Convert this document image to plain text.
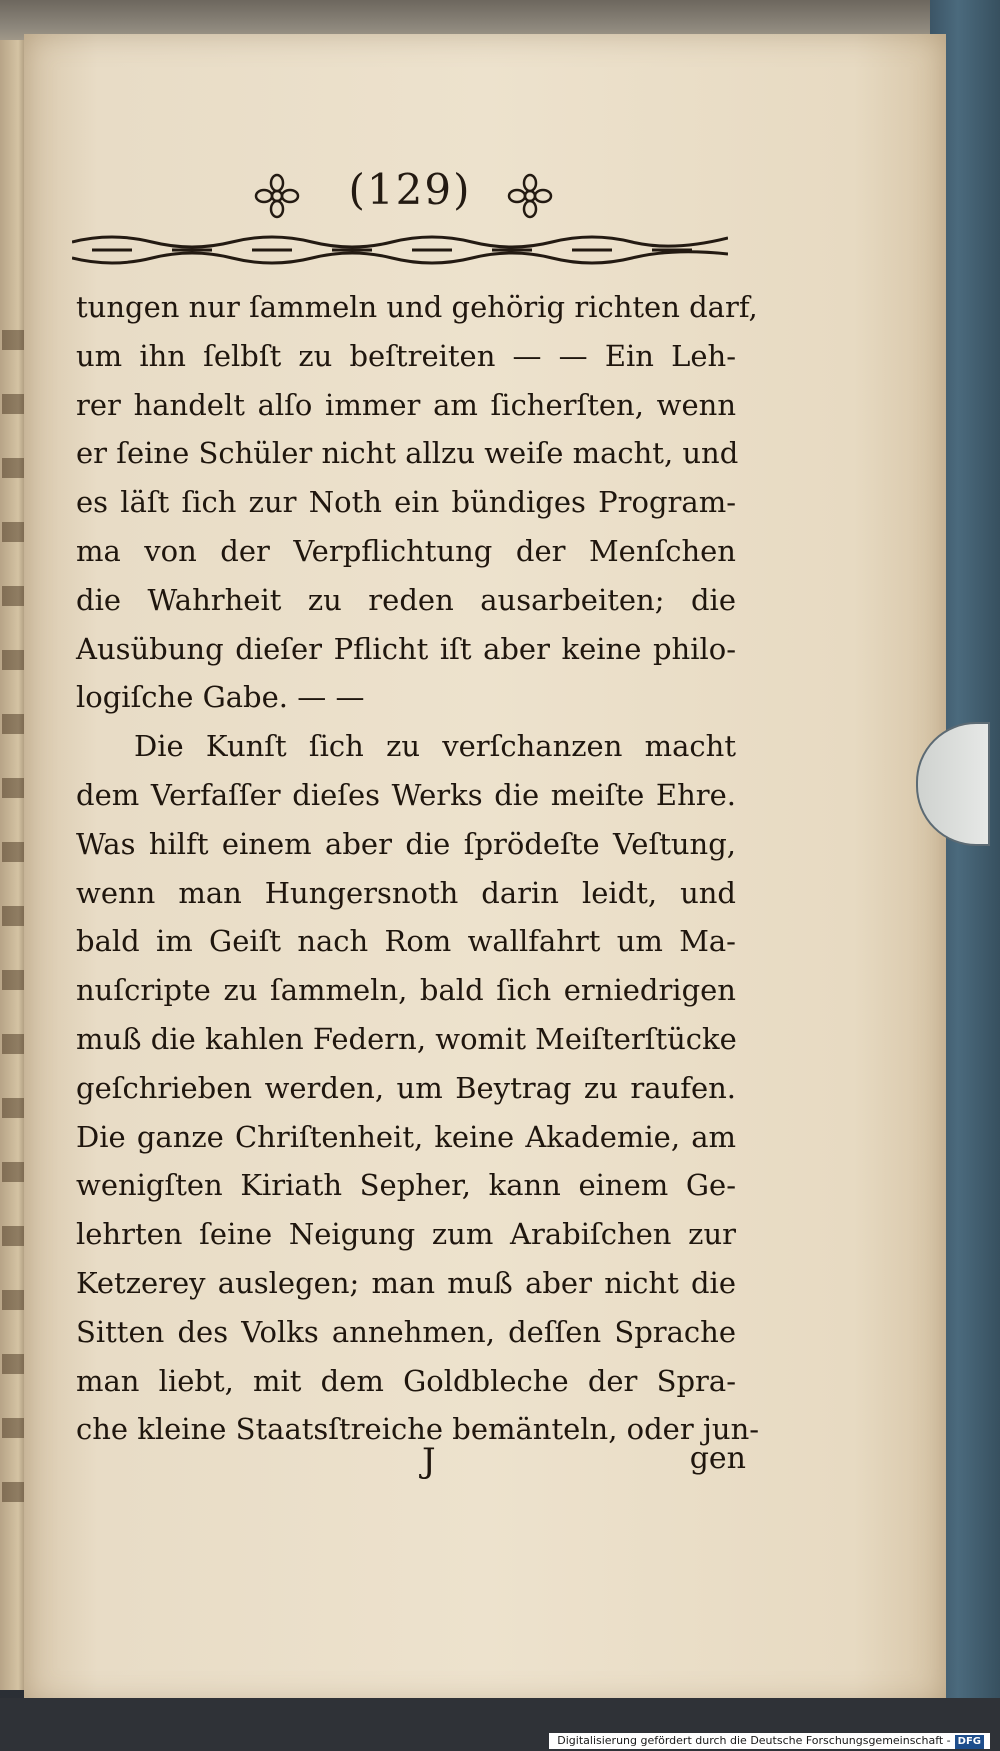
(129)
tungen nur ſammeln und gehörig richten darf,
um ihn ſelbſt zu beſtreiten — — Ein Leh-
rer handelt alſo immer am ſicherſten, wenn
er ſeine Schüler nicht allzu weiſe macht, und
es läſt ſich zur Noth ein bündiges Program-
ma von der Verpflichtung der Menſchen
die Wahrheit zu reden ausarbeiten; die
Ausübung dieſer Pflicht iſt aber keine philo-
logiſche Gabe. — —
Die Kunſt ſich zu verſchanzen macht
dem Verfaſſer dieſes Werks die meiſte Ehre.
Was hilft einem aber die ſprödeſte Veſtung,
wenn man Hungersnoth darin leidt, und
bald im Geiſt nach Rom wallfahrt um Ma-
nuſcripte zu ſammeln, bald ſich erniedrigen
muß die kahlen Federn, womit Meiſterſtücke
geſchrieben werden, um Beytrag zu raufen.
Die ganze Chriſtenheit, keine Akademie, am
wenigſten Kiriath Sepher, kann einem Ge-
lehrten ſeine Neigung zum Arabiſchen zur
Ketzerey auslegen; man muß aber nicht die
Sitten des Volks annehmen, deſſen Sprache
man liebt, mit dem Goldbleche der Spra-
che kleine Staatsſtreiche bemänteln, oder jun-
J	gen
Digitalisierung gefördert durch die Deutsche Forschungsgemeinschaft - DFG
